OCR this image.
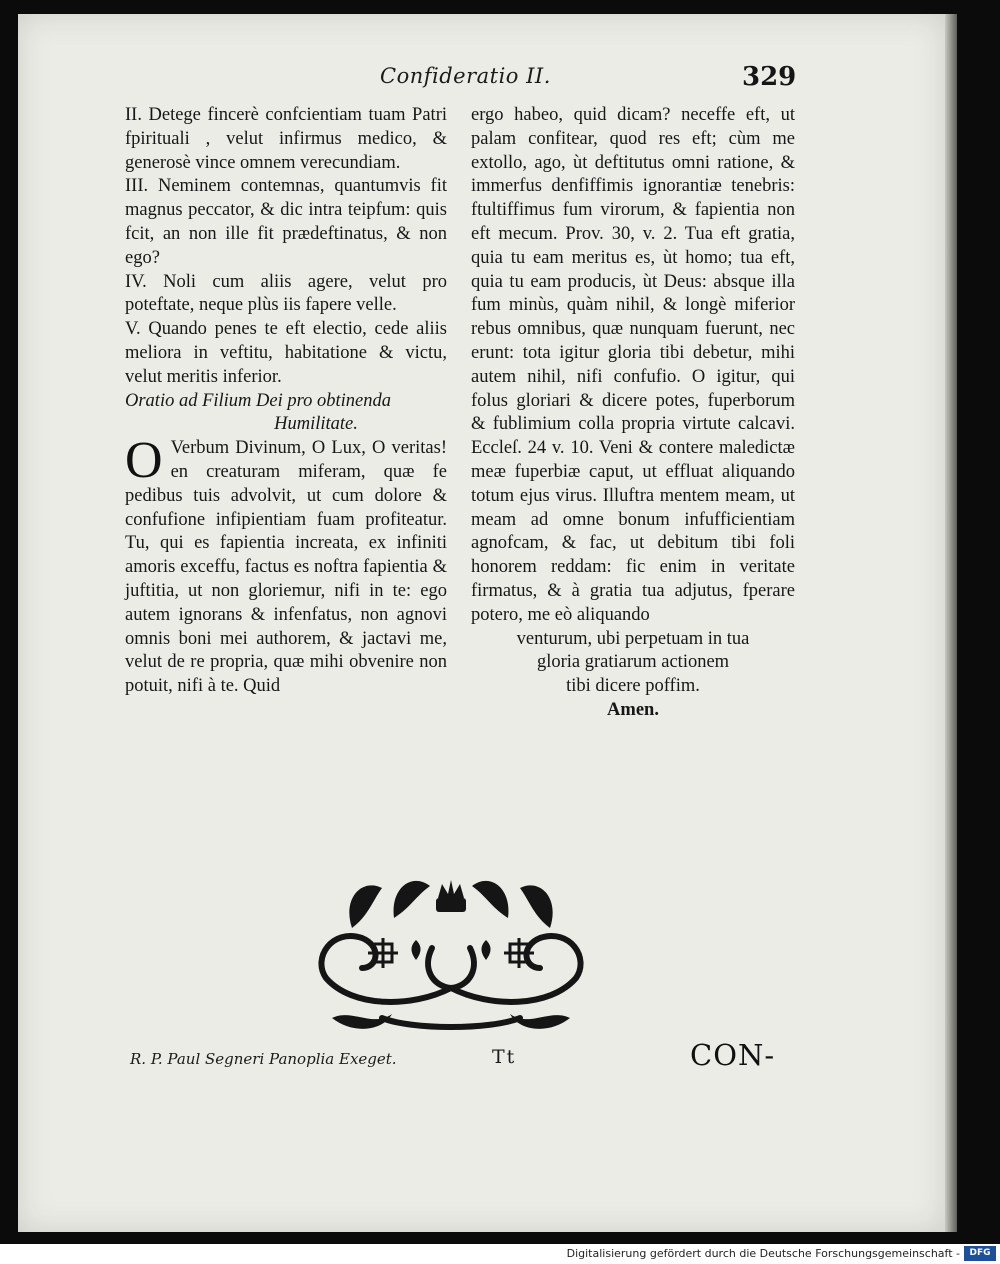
Confideratio II.	329

II. Detege fincerè confcientiam tuam Patri fpirituali , velut infirmus medico, & generosè vince omnem verecundiam.

III. Neminem contemnas, quantumvis fit magnus peccator, & dic intra teipfum: quis fcit, an non ille fit prædeftinatus, & non ego?

IV. Noli cum aliis agere, velut pro poteftate, neque plùs iis fapere velle.

V. Quando penes te eft electio, cede aliis meliora in veftitu, habitatione & victu, velut meritis inferior.

Oratio ad Filium Dei pro obtinenda
Humilitate.

O Verbum Divinum, O Lux, O veritas! en creaturam miferam, quæ fe pedibus tuis advolvit, ut cum dolore & confufione infipientiam fuam profiteatur. Tu, qui es fapientia increata, ex infiniti amoris exceffu, factus es noftra fapientia & juftitia, ut non gloriemur, nifi in te: ego autem ignorans & infenfatus, non agnovi omnis boni mei authorem, & jactavi me, velut de re propria, quæ mihi obvenire non potuit, nifi à te. Quid

ergo habeo, quid dicam? neceffe eft, ut palam confitear, quod res eft; cùm me extollo, ago, ùt deftitutus omni ratione, & immerfus denfiffimis ignorantiæ tenebris: ftultiffimus fum virorum, & fapientia non eft mecum. Prov. 30, v. 2. Tua eft gratia, quia tu eam meritus es, ùt homo; tua eft, quia tu eam producis, ùt Deus: absque illa fum minùs, quàm nihil, & longè miferior rebus omnibus, quæ nunquam fuerunt, nec erunt: tota igitur gloria tibi debetur, mihi autem nihil, nifi confufio. O igitur, qui folus gloriari & dicere potes, fuperborum & fublimium colla propria virtute calcavi. Eccleſ. 24 v. 10. Veni & contere maledictæ meæ fuperbiæ caput, ut effluat aliquando totum ejus virus. Illuftra mentem meam, ut meam ad omne bonum infufficientiam agnofcam, & fac, ut debitum tibi foli honorem reddam: fic enim in veritate firmatus, & à gratia tua adjutus, fperare potero, me eò aliquando

venturum, ubi perpetuam in tua
gloria gratiarum actionem
tibi dicere poffim.

Amen.

R. P. Paul Segneri Panoplia Exeget.	Tt	CON-
Digitalisierung gefördert durch die Deutsche Forschungsgemeinschaft -	DFG
